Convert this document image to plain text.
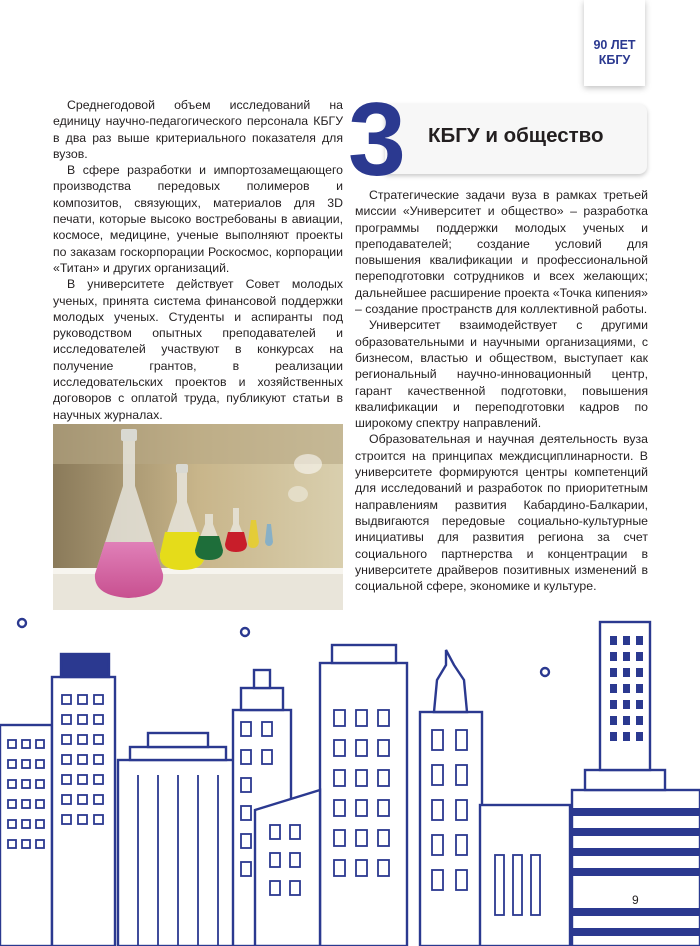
90 ЛЕТ
КБГУ

Среднегодовой объем исследований на единицу научно-педагогического персонала КБГУ в два раз выше критериального показателя для вузов.

В сфере разработки и импортозамещающего производства передовых полимеров и композитов, связующих, материалов для 3D печати, которые высоко востребованы в авиации, космосе, медицине, ученые выполняют проекты по заказам госкорпорации Роскосмос, корпорации «Титан» и других организаций.

В университете действует Совет молодых ученых, принята система финансовой поддержки молодых ученых. Студенты и аспиранты под руководством опытных преподавателей и исследователей участвуют в конкурсах на получение грантов, в реализации исследовательских проектов и хозяйственных договоров с оплатой труда, публикуют статьи в научных журналах.

3 КБГУ и общество

Стратегические задачи вуза в рамках третьей миссии «Университет и общество» – разработка программы поддержки молодых ученых и преподавателей; создание условий для повышения квалификации и профессиональной переподготовки сотрудников и всех желающих; дальнейшее расширение проекта «Точка кипения» – создание пространств для коллективной работы.

Университет взаимодействует с другими образовательными и научными организациями, с бизнесом, властью и обществом, выступает как региональный научно-инновационный центр, гарант качественной подготовки, повышения квалификации и переподготовки кадров по широкому спектру направлений.

Образовательная и научная деятельность вуза строится на принципах междисциплинарности. В университете формируются центры компетенций для исследований и разработок по приоритетным направлениям развития Кабардино-Балкарии, выдвигаются передовые социально-культурные инициативы для развития региона за счет социального партнерства и концентрации в университете драйверов позитивных изменений в социальной сфере, экономике и культуре.

9
